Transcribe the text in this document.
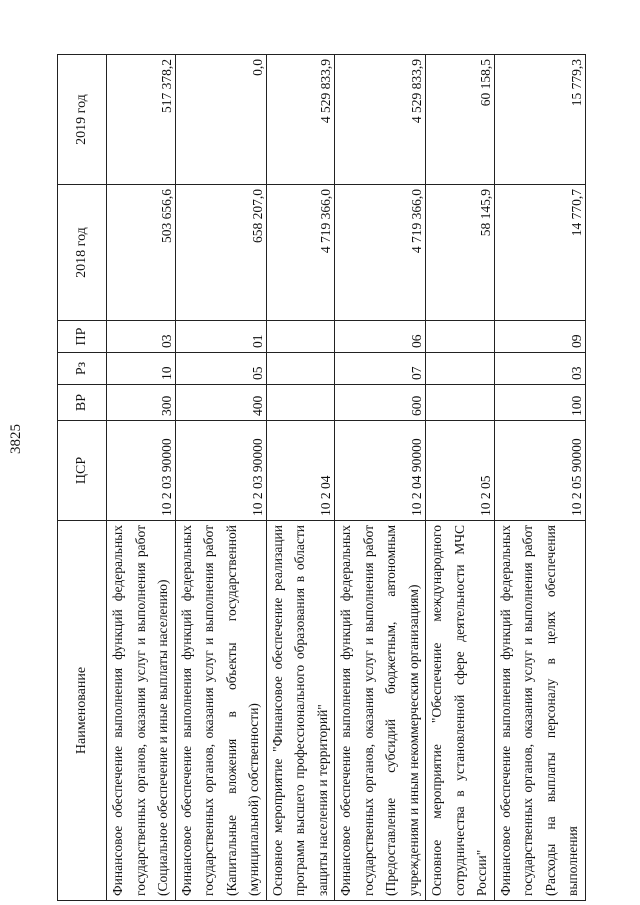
3825
Наименование	ЦСР	ВР	Рз	ПР	2018 год	2019 год
Финансовое обеспечение выполнения функций федеральных государственных органов, оказания услуг и выполнения работ (Социальное обеспечение и иные выплаты населению)	10 2 03 90000	300	10	03	503 656,6	517 378,2
Финансовое обеспечение выполнения функций федеральных государственных органов, оказания услуг и выполнения работ (Капитальные вложения в объекты государственной (муниципальной) собственности)	10 2 03 90000	400	05	01	658 207,0	0,0
Основное мероприятие "Финансовое обеспечение реализации программ высшего профессионального образования в области защиты населения и территорий"	10 2 04				4 719 366,0	4 529 833,9
Финансовое обеспечение выполнения функций федеральных государственных органов, оказания услуг и выполнения работ (Предоставление субсидий бюджетным, автономным учреждениям и иным некоммерческим организациям)	10 2 04 90000	600	07	06	4 719 366,0	4 529 833,9
Основное мероприятие "Обеспечение международного сотрудничества в установленной сфере деятельности МЧС России"	10 2 05				58 145,9	60 158,5
Финансовое обеспечение выполнения функций федеральных государственных органов, оказания услуг и выполнения работ (Расходы на выплаты персоналу в целях обеспечения выполнения	10 2 05 90000	100	03	09	14 770,7	15 779,3
